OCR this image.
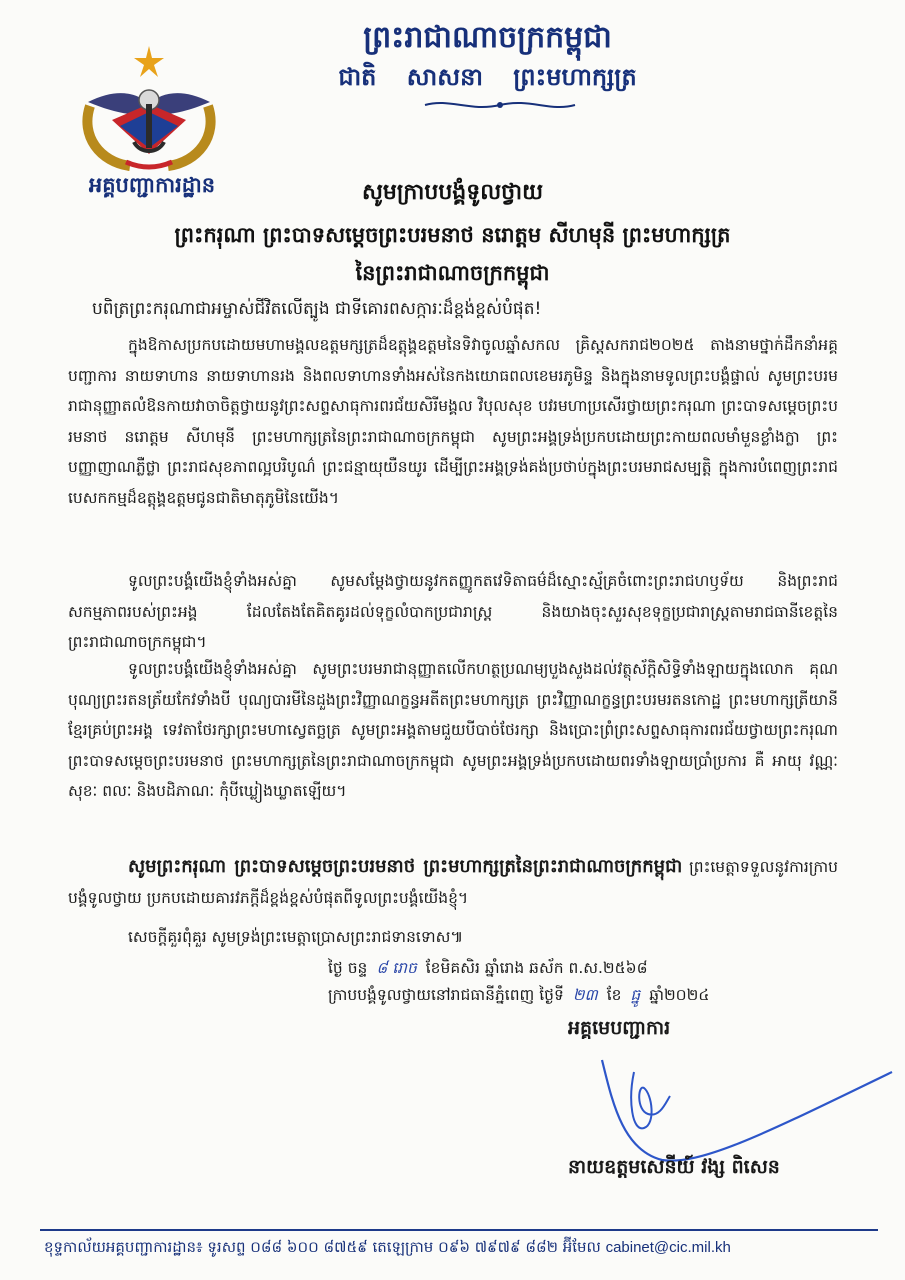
ព្រះរាជាណាចក្រកម្ពុជា
ជាតិ សាសនា ព្រះមហាក្សត្រ
អគ្គបញ្ជាការដ្ឋាន	សូមក្រាបបង្គំទូលថ្វាយ
ព្រះករុណា ព្រះបាទសម្តេចព្រះបរមនាថ នរោត្តម សីហមុនី ព្រះមហាក្សត្រ
នៃព្រះរាជាណាចក្រកម្ពុជា
បពិត្រព្រះករុណាជាអម្ចាស់ជីវិតលើត្បូង ជាទីគោរពសក្ការៈដ៏ខ្ពង់ខ្ពស់បំផុត!
ក្នុងឱកាសប្រកបដោយមហាមង្គលឧត្តមក្សត្រដ៏ឧត្តុង្គឧត្តមនៃទិវាចូលឆ្នាំសកល គ្រិស្តសករាជ២០២៥ តាងនាមថ្នាក់ដឹកនាំអគ្គបញ្ជាការ នាយទាហាន នាយទាហានរង និងពលទាហានទាំងអស់នៃកងយោធពលខេមរភូមិន្ទ និងក្នុងនាមទូលព្រះបង្គំផ្ទាល់ សូមព្រះបរមរាជានុញ្ញាតលំឱនកាយវាចាចិត្តថ្វាយនូវព្រះសព្ទសាធុការពរជ័យសិរីមង្គល វិបុលសុខ បវរមហាប្រសើរថ្វាយព្រះករុណា ព្រះបាទសម្តេចព្រះបរមនាថ នរោត្តម សីហមុនី ព្រះមហាក្សត្រនៃព្រះរាជាណាចក្រកម្ពុជា សូមព្រះអង្គទ្រង់ប្រកបដោយព្រះកាយពលមាំមួនខ្លាំងក្លា ព្រះបញ្ញាញាណភ្លឺថ្លា ព្រះរាជសុខភាពល្អបរិបូណ៌ ព្រះជន្មាយុយឺនយូរ ដើម្បីព្រះអង្គទ្រង់គង់ប្រថាប់ក្នុងព្រះបរមរាជសម្បត្តិ ក្នុងការបំពេញព្រះរាជបេសកកម្មដ៏ឧត្តុង្គឧត្តមជូនជាតិមាតុភូមិនៃយើង។
ទូលព្រះបង្គំយើងខ្ញុំទាំងអស់គ្នា សូមសម្តែងថ្វាយនូវកតញ្ញូកតវេទិតាធម៌ដ៏ស្មោះស្ម័គ្រចំពោះព្រះរាជហឫទ័យ និងព្រះរាជសកម្មភាពរបស់ព្រះអង្គ ដែលតែងតែគិតគូរដល់ទុក្ខលំបាកប្រជារាស្ត្រ និងយាងចុះសួរសុខទុក្ខប្រជារាស្ត្រតាមរាជធានីខេត្តនៃព្រះរាជាណាចក្រកម្ពុជា។
ទូលព្រះបង្គំយើងខ្ញុំទាំងអស់គ្នា សូមព្រះបរមរាជានុញ្ញាតលើកហត្ថប្រណម្យបួងសួងដល់វត្ថុស័ក្តិសិទ្ធិទាំងឡាយក្នុងលោក គុណបុណ្យព្រះរតនត្រ័យកែវទាំងបី បុណ្យបារមីនៃដួងព្រះវិញ្ញាណក្ខន្ធអតីតព្រះមហាក្សត្រ ព្រះវិញ្ញាណក្ខន្ធព្រះបរមរតនកោដ្ឋ ព្រះមហាក្សត្រីយានីខ្មែរគ្រប់ព្រះអង្គ ទេវតាថែរក្សាព្រះមហាស្វេតច្ឆត្រ សូមព្រះអង្គតាមជួយបីបាច់ថែរក្សា និងប្រោះព្រំព្រះសព្ទសាធុការពរជ័យថ្វាយព្រះករុណា ព្រះបាទសម្តេចព្រះបរមនាថ ព្រះមហាក្សត្រនៃព្រះរាជាណាចក្រកម្ពុជា សូមព្រះអង្គទ្រង់ប្រកបដោយពរទាំងឡាយប្រាំប្រការ គឺ អាយុ វណ្ណៈ សុខៈ ពលៈ និងបដិភាណៈ កុំបីឃ្លៀងឃ្លាតឡើយ។
សូមព្រះករុណា ព្រះបាទសម្តេចព្រះបរមនាថ ព្រះមហាក្សត្រនៃព្រះរាជាណាចក្រកម្ពុជា ព្រះមេត្តាទទួលនូវការក្រាបបង្គំទូលថ្វាយ ប្រកបដោយគារវភក្តីដ៏ខ្ពង់ខ្ពស់បំផុតពីទូលព្រះបង្គំយើងខ្ញុំ។
សេចក្តីគួរពុំគួរ សូមទ្រង់ព្រះមេត្តាប្រោសព្រះរាជទានទោស៕
ថ្ងៃ ចន្ទ ៨ រោច ខែមិគសិរ ឆ្នាំរោង ឆស័ក ព.ស.២៥៦៨
ក្រាបបង្គំទូលថ្វាយនៅរាជធានីភ្នំពេញ ថ្ងៃទី ២៣ ខែ ធ្នូ ឆ្នាំ២០២៤
អគ្គមេបញ្ជាការ
នាយឧត្តមសេនីយ៍ វង្ស ពិសេន
ខុទ្ទកាល័យអគ្គបញ្ជាការដ្ឋាន៖ ទូរសព្ទ ០៨៨ ៦០០ ៨៧៥៩ តេឡេក្រាម ០៩៦ ៧៩៧៩ ៨៨២ អ៊ីមែល cabinet@cic.mil.kh
